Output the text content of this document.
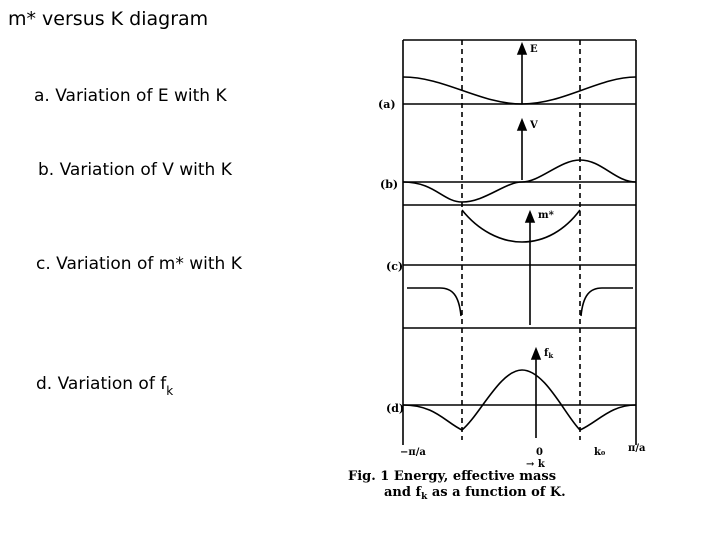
m* versus K diagram
a. Variation of E with K
b. Variation of V with K
c. Variation of m* with K
d. Variation of $f_k$
E
V
m*
$f_k$
(a)
(b)
(c)
(d)
−π/a	0	k₀ π/a
→ k
Fig. 1 Energy, effective mass
and $f_k$ as a function of K.
